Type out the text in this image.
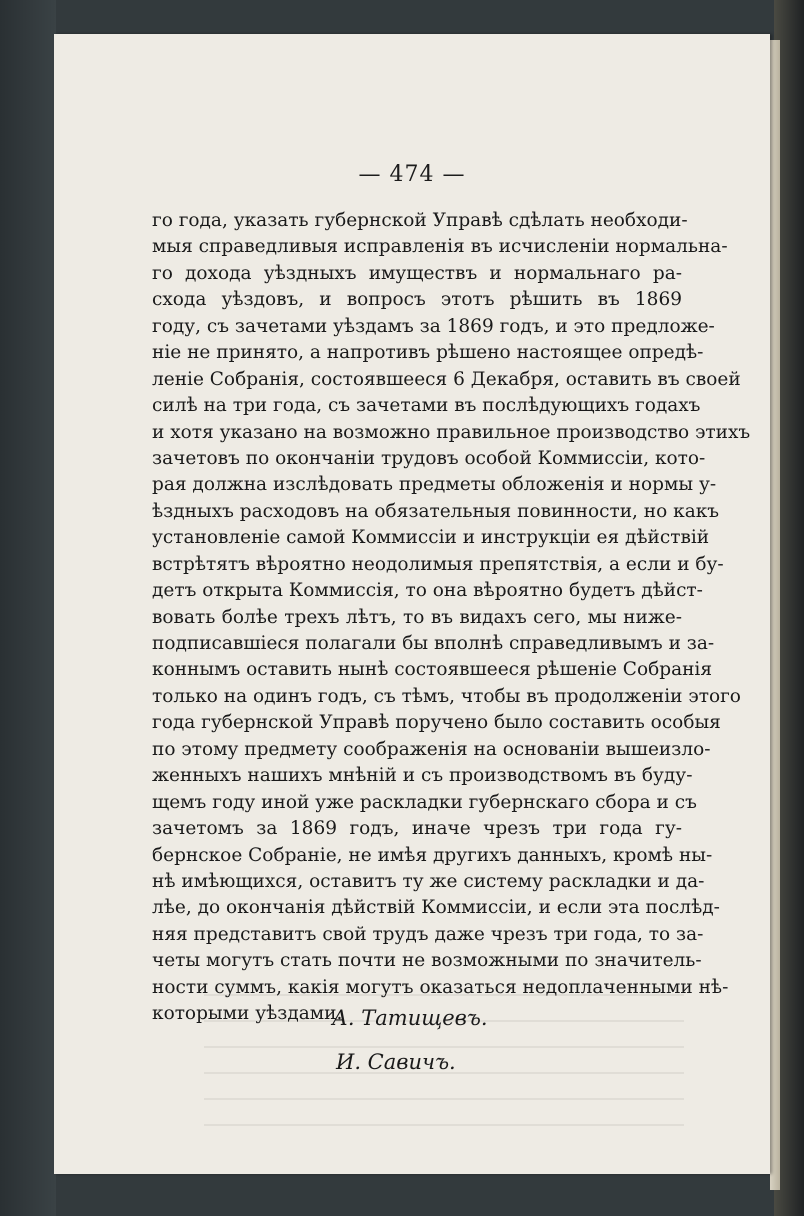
— 474 —
го года, указать губернской Управѣ сдѣлать необходи-
мыя справедливыя исправленія въ исчисленіи нормальна-
го дохода уѣздныхъ имуществъ и нормальнаго ра-
схода уѣздовъ, и вопросъ этотъ рѣшить въ 1869
году, съ зачетами уѣздамъ за 1869 годъ, и это предложе-
ніе не принято, а напротивъ рѣшено настоящее опредѣ-
леніе Собранія, состоявшееся 6 Декабря, оставить въ своей
силѣ на три года, съ зачетами въ послѣдующихъ годахъ
и хотя указано на возможно правильное производство этихъ
зачетовъ по окончаніи трудовъ особой Коммиссіи, кото-
рая должна изслѣдовать предметы обложенія и нормы у-
ѣздныхъ расходовъ на обязательныя повинности, но какъ
установленіе самой Коммиссіи и инструкціи ея дѣйствій
встрѣтятъ вѣроятно неодолимыя препятствія, а если и бу-
детъ открыта Коммиссія, то она вѣроятно будетъ дѣйст-
вовать болѣе трехъ лѣтъ, то въ видахъ сего, мы ниже-
подписавшіеся полагали бы вполнѣ справедливымъ и за-
коннымъ оставить нынѣ состоявшееся рѣшеніе Собранія
только на одинъ годъ, съ тѣмъ, чтобы въ продолженіи этого
года губернской Управѣ поручено было составить особыя
по этому предмету соображенія на основаніи вышеизло-
женныхъ нашихъ мнѣній и съ производствомъ въ буду-
щемъ году иной уже раскладки губернскаго сбора и съ
зачетомъ за 1869 годъ, иначе чрезъ три года гу-
бернское Собраніе, не имѣя другихъ данныхъ, кромѣ ны-
нѣ имѣющихся, оставитъ ту же систему раскладки и да-
лѣе, до окончанія дѣйствій Коммиссіи, и если эта послѣд-
няя представитъ свой трудъ даже чрезъ три года, то за-
четы могутъ стать почти не возможными по значитель-
ности суммъ, какія могутъ оказаться недоплаченными нѣ-
которыми уѣздами.
А. Татищевъ.
И. Савичъ.
